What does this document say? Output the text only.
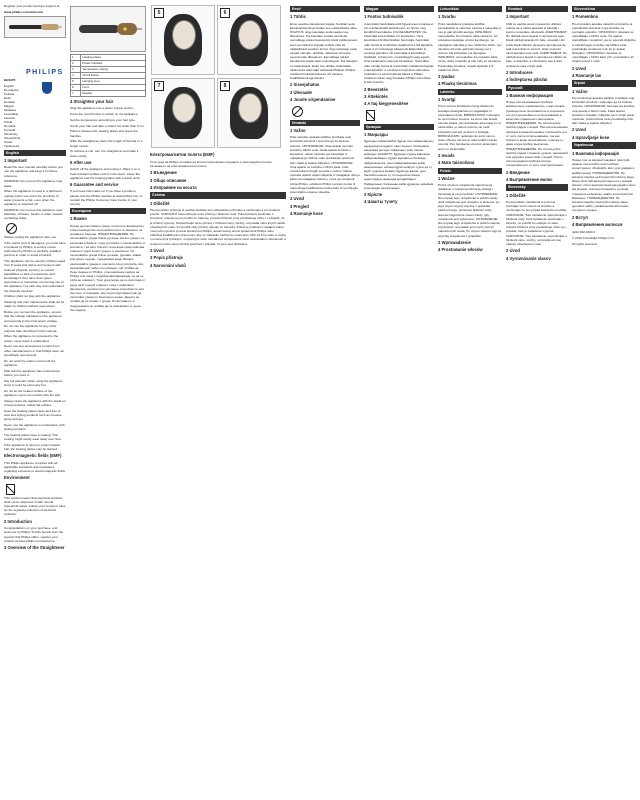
Register your product and get support at

www.philips.com/welcome

PHILIPS

BHS376

English
Български
Čeština
Eesti
Hrvatski
Magyar
Қазақша
Lietuviškai
Latviešu
Polski
Română
Русский
Slovensky
Slovenščina
Srpski
Українська
English
1 Important

Read this user manual carefully before you use the appliance and keep it for future reference.

WARNING: Do not use this appliance near water.

When the appliance is used in a bathroom, unplug it after use since the proximity of water presents a risk, even when the appliance is switched off.

WARNING: Do not use this appliance near bathtubs, showers, basins or other vessels containing water.

Always unplug the appliance after use.

If the mains cord is damaged, you must have it replaced by Philips, a service centre authorised by Philips or similarly qualified persons in order to avoid a hazard.

This appliance can be used by children aged from 8 years and above and persons with reduced physical, sensory or mental capabilities or lack of experience and knowledge if they have been given supervision or instruction concerning use of the appliance in a safe way and understand the hazards involved.

Children shall not play with the appliance.

Cleaning and user maintenance shall not be made by children without supervision.

Before you connect the appliance, ensure that the voltage indicated on the appliance corresponds to the local power voltage.

Do not use the appliance for any other purpose than described in this manual.

When the appliance is connected to the power, never leave it unattended.

Never use any accessories or parts from other manufacturers or that Philips does not specifically recommend.

Do not wind the mains cord round the appliance.

Wait until the appliance has cooled down before you store it.

Pay full attention when using the appliance since it could be extremely hot.

Do not let the heated surface of the appliance come into contact with the skin.

Always place the appliance with the stand on a heat-resistant, stable flat surface.

Keep the heating plates clean and free of dust and styling products such as mousse, spray and gel.

Never use the appliance in combination with styling products.

The heating plates have a coating. This coating might slowly wear away over time.

If the appliance is used on colour-treated hair, the heating plates may be stained.

Electromagnetic fields (EMF)

This Philips appliance complies with all applicable standards and regulations regarding exposure to electromagnetic fields.

Environment

This symbol means that electrical products shall not be disposed of with normal household waste. Follow your country's rules for the separate collection of electrical products.

2 Introduction

Congratulations on your purchase, and welcome to Philips! To fully benefit from the support that Philips offers, register your product at www.philips.com/welcome.

3 Overview of the Straightener
1	Heating plates
2	Power indicator
3	Temperature setting
4	On/off button
5	Hanging loop
6	Cord
7	Display
4 Straighten your hair

Plug the appliance into a power supply socket.

Press the on/off button to switch on the appliance.

Set the temperature according to your hair type.

Comb your hair and take a strand not wider than 5 cm.

Place it between the heating plates and press the handles.

Slide the straightener down the length of the hair in a single motion.

To achieve a curl, turn the straightener and slide it down slowly.

5 After use

Switch off the appliance and unplug it. Place it on a heat-resistant surface until it cools down. Clean the appliance and the heating plates with a damp cloth.

6 Guarantee and service

If you need information or if you have a problem, please visit the Philips website at www.philips.com or contact the Philips Customer Care Centre in your country.

Български
1 Важно

Преди да използвате уреда, прочетете внимателно това ръководство за потребителя и го запазете за справка в бъдеще. ПРЕДУПРЕЖДЕНИЕ: Не използвайте уреда близо до вода. Когато уредът се използва в банята, след употреба го изключвайте от контакта, тъй като близостта на вода представлява опасност дори когато уредът е изключен. Не използвайте уреда близо до вани, душове, мивки или други съдове, съдържащи вода. Винаги изключвайте уреда от контакта след употреба. Ако захранващият кабел се повреди, той трябва да бъде сменен от Philips, упълномощен сервиз на Philips или лица с подобна квалификация, за да се избегне опасност. Този уред може да се използва от деца на 8 и над 8 години и лица с намалени физически, сетивни или умствени способности или без опит и познания, ако са инструктирани как да използват уреда по безопасен начин. Децата не трябва да си играят с уреда. Почистването и поддръжката не трябва да се извършват от деца без надзор.

5	6

7	8
Електромагнитни полета (EMF)

Този уред на Philips отговаря на всички приложими стандарти и разпоредби относно излагането на електромагнитни полета.

2 Въведение
3 Общо описание
4 Изправяне на косата
Čeština
1 Důležité

Před použitím přístroje si pečlivě přečtěte tuto uživatelskou příručku a uschovejte ji pro budoucí použití. VAROVÁNÍ: Nepoužívejte tento přístroj v blízkosti vody. Pokud přístroj používáte v koupelně, odpojte jej po použití ze zásuvky, protože blízkost vody představuje riziko i v případě, že je přístroj vypnutý. Nepoužívejte tento přístroj v blízkosti vany, sprchy, umyvadla nebo jiných nádob obsahujících vodu. Po použití vždy přístroj odpojte ze zásuvky. Pokud je poškozen napájecí kabel, musí jeho výměnu provést společnost Philips, autorizovaný servis společnosti Philips nebo obdobně kvalifikovaní pracovníci, aby se zabránilo možnému nebezpečí. Děti od 8 let věku a osoby s omezenými fyzickými, smyslovými nebo mentálními schopnostmi nebo nedostatkem zkušeností a znalostí mohou tento přístroj používat v případě, že jsou pod dohledem.

2 Úvod
3 Popis přístroje
4 Narovnání vlasů
Eesti
1 Tähtis

Enne seadme kasutamist lugege hoolikalt seda kasutusjuhendit ja hoidke see edaspidiseks alles. HOIATUS: ärge kasutage seda seadet vee läheduses. Kui kasutate seadet vannitoas, eemaldage pärast kasutamist pistik pistikupesast, sest vee lähedus kujutab endast ohtu ka väljalülitatud seadme korral. Ärge kasutage seda seadet vannide, duššide, valamute või teiste veeanumate läheduses. Eemaldage pärast kasutamist seade alati vooluvõrgust. Kui toitejuhe on kahjustatud, laske see ohtlike olukordade vältimiseks alati välja vahetada Philipsil, Philipsi volitatud hoolduskeskuses või vastava kvalifikatsiooniga isikutel.

2 Sissejuhatus
3 Ülevaade
4 Juuste sirgendamine
Hrvatski
1 Važno

Prije uporabe aparata pažljivo pročitajte ovaj korisnički priručnik i spremite ga za buduće potrebe. UPOZORENJE: Ovaj aparat nemojte koristiti u blizini vode. Kada aparat koristite u kupaonici, nakon uporabe ga iskopčajte iz napajanja jer blizina vode predstavlja opasnost, čak i kada je aparat isključen. UPOZORENJE: Ovaj aparat ne koristite u blizini kade, tuša, umivaonika ili drugih posuda s vodom. Nakon uporabe aparat uvijek isključite iz napajanja. Ako je kabel za napajanje oštećen, mora ga zamijeniti tvrtka Philips, ovlašteni Philips servisni centar ili neka druga kvalificirana osoba kako bi se izbjegle potencijalno opasne situacije.

2 Uvod
3 Pregled
4 Ravnanje kose
Magyar
1 Fontos tudnivalók

A készülék használata előtt figyelmesen olvassa el ezt a felhasználói kézikönyvet, és őrizze meg későbbi használatra. FIGYELMEZTETÉS: Ne használja a készüléket víz közelében. Ha a készüléket fürdőszobában használja, használat után húzza ki a hálózati csatlakozót a fali aljzatból, mivel a víz közelsége kikapcsolt állapotban is veszélyt jelenthet. Ne használja a készüléket fürdőkád, zuhanyozó, mosdókagyló vagy egyéb, vizet tartalmazó edények közelében. Használat után mindig húzza ki a készülék csatlakozódugóját a fali aljzatból. A veszélyes helyzetek elkerülése érdekében a sérült hálózati kábelt a Philips szakszervizben vagy hivatalos Philips szervizben ki kell cserélni.

2 Bevezetés
3 Áttekintés
4 A haj kiegyenesítése
Қазақша
1 Маңызды

Құралды пайдаланбас бұрын осы пайдаланушы нұсқаулығын мұқият оқып шығып, болашақта анықтама ретінде пайдалану үшін сақтап қойыңыз. ЕСКЕРТУ: Құралды судың жанында пайдаланбаңыз. Құрал жуынатын бөлмеде пайдаланылса, оны пайдаланғаннан кейін ажыратыңыз, өйткені құрал өшірулі тұрса да су қауіп тудыруы мүмкін. Құралды ванна, душ, бассейн немесе су толтырылған басқа ыдыстардың жанында қолданбаңыз. Пайдаланып болғаннан кейін құралды әрдайым розеткадан ажыратыңыз.

2 Кіріспе
4 Шашты түзету
Lietuviškai
1 Svarbu

Prieš naudodami prietaisą atidžiai perskaitykite šį vartotojo vadovą ir saugokite jį, nes jo gali prireikti ateityje. ĮSPĖJIMAS: nenaudokite šio prietaiso šalia vandens. Jei prietaisą naudojate vonios kambaryje, po naudojimo atjunkite jį nuo maitinimo tinklo, nes vandens artumas gali kelti pavojų net ir tuomet, kai prietaisas yra išjungtas. ĮSPĖJIMAS: nenaudokite šio prietaiso šalia vonių, dušų, kriauklių ar kitų indų su vandeniu. Panaudoję prietaisą, visada išjunkite jį iš maitinimo lizdo.

2 Įvadas
4 Plaukų tiesinimas
Latviešu
1 Svarīgi

Pirms ierīces lietošanas rūpīgi izlasiet šo lietotāja rokasgrāmatu un saglabājiet to turpmākai uzziņai. BRĪDINĀJUMS: nelietojiet šo ierīci ūdens tuvumā. Ja ierīce tiek lietota vannas istabā, pēc lietošanas atvienojiet to no elektrotīkla, jo ūdens tuvums var radīt bīstamību pat tad, ja ierīce ir izslēgta. BRĪDINĀJUMS: nelietojiet šo ierīci vannu, dušu, izlietņu vai citu ar ūdeni pildītu trauku tuvumā. Pēc lietošanas vienmēr atvienojiet ierīci no elektrotīkla.

2 Ievads
4 Matu taisnošana
Polski
1 Ważne

Przed użyciem urządzenia zapoznaj się dokładnie z niniejszą instrukcją obsługi i zachowaj ją na przyszłość. OSTRZEŻENIE: Nie używaj tego urządzenia w pobliżu wody. Jeśli urządzenie jest używane w łazience, po jego użyciu wyjmij wtyczkę z gniazdka elektrycznego, ponieważ bliskość wody stanowi zagrożenie nawet wtedy, gdy urządzenie jest wyłączone. OSTRZEŻENIE: Nie używaj tego urządzenia w pobliżu wanien, pryszniców, umywalek ani innych naczyń napełnionych wodą. Po użyciu zawsze wyjmuj wtyczkę urządzenia z gniazdka.

2 Wprowadzenie
4 Prostowanie włosów
Română
1 Important

Citiţi cu atenţie acest manual de utilizare înainte de a utiliza aparatul şi păstraţi-l pentru consultare ulterioară. AVERTISMENT: Nu utilizaţi acest aparat în apropierea apei. Dacă utilizaţi aparatul în baie, scoateţi-l din priză după utilizare deoarece apropierea de apă reprezintă un pericol, chiar şi atunci când aparatul este oprit. AVERTISMENT: Nu utilizaţi acest aparat în apropierea căzilor de baie, a duşurilor, a chiuvetelor sau a altor recipiente care conţin apă.

2 Introducere
4 Îndreptarea părului
Русский
1 Важная информация

Перед использованием прибора внимательно ознакомьтесь с настоящим руководством пользователя и сохраните его для дальнейшего использования в качестве справочного материала. ПРЕДУПРЕЖДЕНИЕ. Не используйте прибор рядом с водой. При использовании прибора в ванной комнате отключайте его от сети после использования, так как близость воды представляет опасность, даже когда прибор выключен. ПРЕДУПРЕЖДЕНИЕ. Не используйте прибор рядом с ванной, душем, раковиной или другими емкостями с водой. После использования прибора всегда отключайте его от сети электропитания.

2 Введение
4 Выпрямление волос
Slovensky
1 Dôležité

Pred použitím zariadenia si pozorne prečítajte tento návod na použitie a uschovajte ho pre prípad budúceho použitia. VAROVANIE: Toto zariadenie nepoužívajte v blízkosti vody. Keď zariadenie používate v kúpeľni, po použití ho odpojte zo siete, pretože blízkosť vody predstavuje riziko aj v prípade, keď je zariadenie vypnuté. VAROVANIE: Toto zariadenie nepoužívajte v blízkosti vane, sprchy, umývadla ani inej nádoby obsahujúcej vodu.

2 Úvod
4 Vyrovnávanie vlasov
Slovenščina
1 Pomembno

Pred uporabo aparata natančno preberite ta uporabniški priročnik in ga shranite za poznejšo uporabo. OPOZORILO: Aparata ne uporabljajte v bližini vode. Če aparat uporabljate v kopalnici, ga po uporabi izključite iz električnega omrežja, saj bližina vode predstavlja nevarnost tudi, ko je aparat izklopljen. OPOZORILO: Aparata ne uporabljajte v bližini kadi, prh, umivalnikov ali drugih posod z vodo.

2 Uvod
4 Ravnanje las
Srpski
1 Važno

Pre korišćenja aparata pažljivo pročitajte ovaj korisnički priručnik i sačuvajte ga za buduće potrebe. UPOZORENJE: Nemojte da koristite ovaj aparat u blizini vode. Kada aparat koristite u kupatilu, isključite ga iz struje posle upotrebe, pošto blizina vode predstavlja rizik, čak i kada je aparat isključen.

2 Uvod
4 Ispravljanje kose
Українська
1 Важлива інформація

Перед тим як використовувати пристрій, уважно прочитайте цей посібник користувача і зберігайте його для довідки в майбутньому. ПОПЕРЕДЖЕННЯ. Не використовуйте цей пристрій поблизу води. Якщо пристрій використовується у ванній кімнаті, після використання від'єднуйте його від мережі, оскільки близькість до води становить небезпеку, навіть коли пристрій вимкнено. ПОПЕРЕДЖЕННЯ. Не використовуйте пристрій поблизу ванн, душових кабін, умивальників або інших посудин із водою.

2 Вступ
4 Випрямлення волосся

4222.002.0409.2

© 2016 Koninklijke Philips N.V.

All rights reserved
